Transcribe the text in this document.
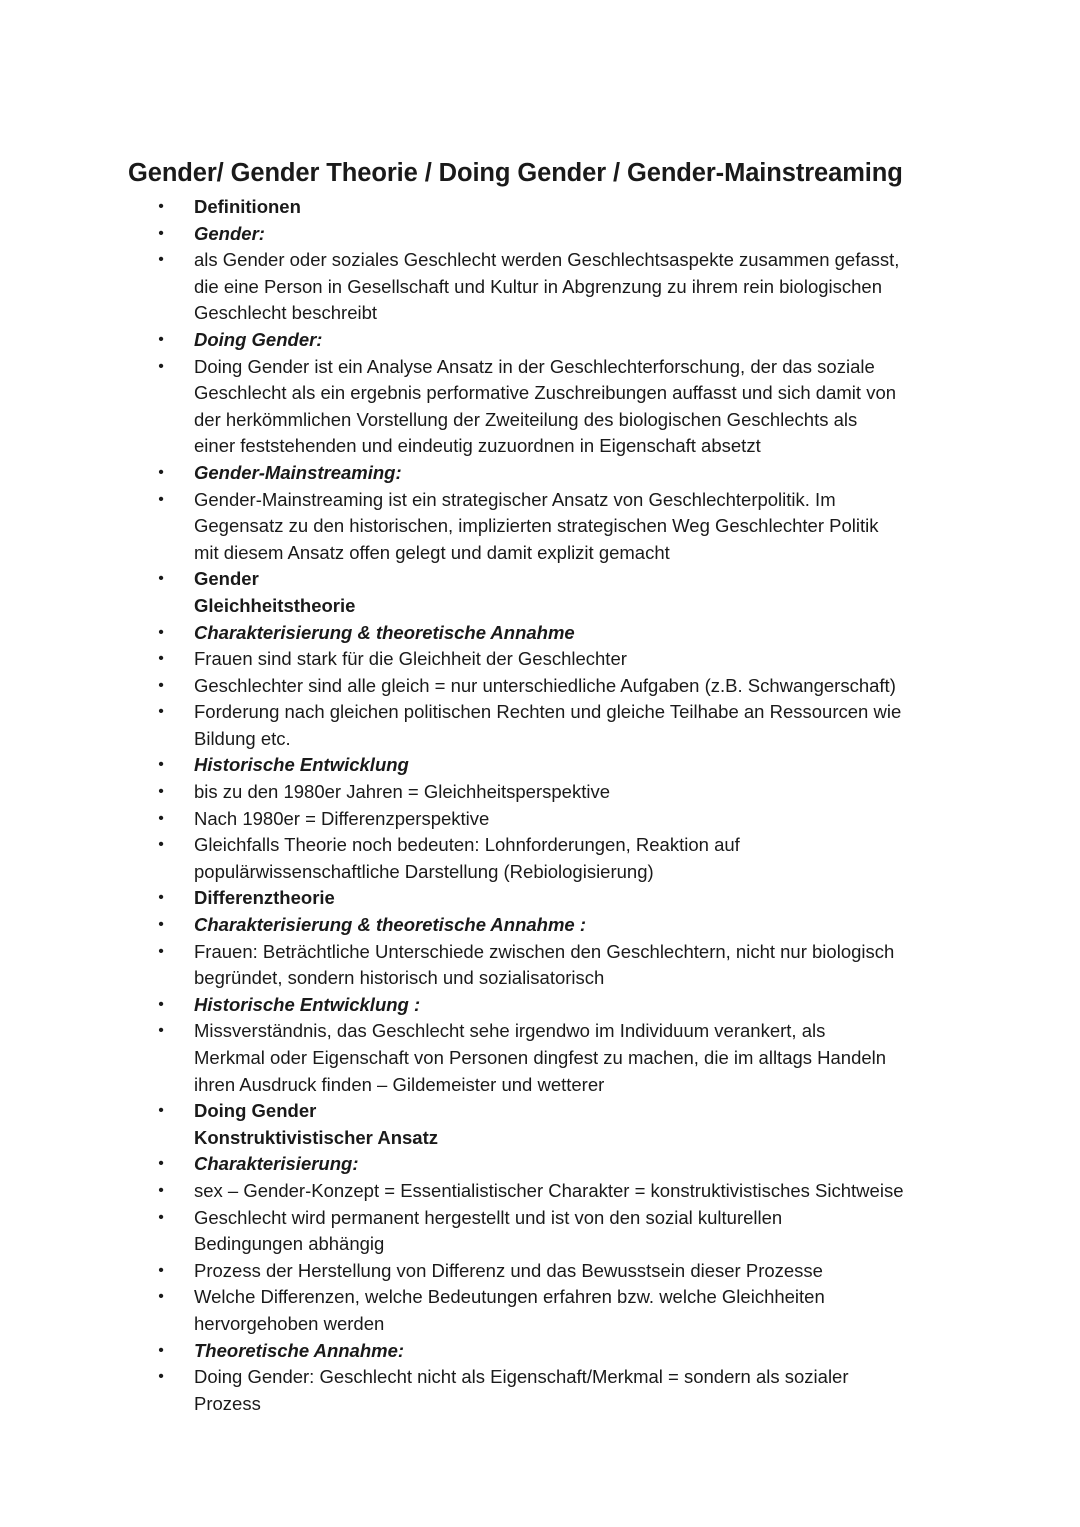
Gender/ Gender Theorie / Doing Gender / Gender-Mainstreaming
• Definitionen
• Gender:
• als Gender oder soziales Geschlecht werden Geschlechtsaspekte zusammen gefasst,
die eine Person in Gesellschaft und Kultur in Abgrenzung zu ihrem rein biologischen
Geschlecht beschreibt
• Doing Gender:
• Doing Gender ist ein Analyse Ansatz in der Geschlechterforschung, der das soziale
Geschlecht als ein ergebnis performative Zuschreibungen auffasst und sich damit von
der herkömmlichen Vorstellung der Zweiteilung des biologischen Geschlechts als
einer feststehenden und eindeutig zuzuordnen in Eigenschaft absetzt
• Gender-Mainstreaming:
• Gender-Mainstreaming ist ein strategischer Ansatz von Geschlechterpolitik. Im
Gegensatz zu den historischen, implizierten strategischen Weg Geschlechter Politik
mit diesem Ansatz offen gelegt und damit explizit gemacht
• Gender
Gleichheitstheorie
• Charakterisierung & theoretische Annahme
• Frauen sind stark für die Gleichheit der Geschlechter
• Geschlechter sind alle gleich = nur unterschiedliche Aufgaben (z.B. Schwangerschaft)
• Forderung nach gleichen politischen Rechten und gleiche Teilhabe an Ressourcen wie
Bildung etc.
• Historische Entwicklung
• bis zu den 1980er Jahren = Gleichheitsperspektive
• Nach 1980er = Differenzperspektive
• Gleichfalls Theorie noch bedeuten: Lohnforderungen, Reaktion auf
populärwissenschaftliche Darstellung (Rebiologisierung)
• Differenztheorie
• Charakterisierung & theoretische Annahme :
• Frauen: Beträchtliche Unterschiede zwischen den Geschlechtern, nicht nur biologisch
begründet, sondern historisch und sozialisatorisch
• Historische Entwicklung :
• Missverständnis, das Geschlecht sehe irgendwo im Individuum verankert, als
Merkmal oder Eigenschaft von Personen dingfest zu machen, die im alltags Handeln
ihren Ausdruck finden – Gildemeister und wetterer
• Doing Gender
Konstruktivistischer Ansatz
• Charakterisierung:
• sex – Gender-Konzept = Essentialistischer Charakter = konstruktivistisches Sichtweise
• Geschlecht wird permanent hergestellt und ist von den sozial kulturellen
Bedingungen abhängig
• Prozess der Herstellung von Differenz und das Bewusstsein dieser Prozesse
• Welche Differenzen, welche Bedeutungen erfahren bzw. welche Gleichheiten
hervorgehoben werden
• Theoretische Annahme:
• Doing Gender: Geschlecht nicht als Eigenschaft/Merkmal = sondern als sozialer
Prozess
